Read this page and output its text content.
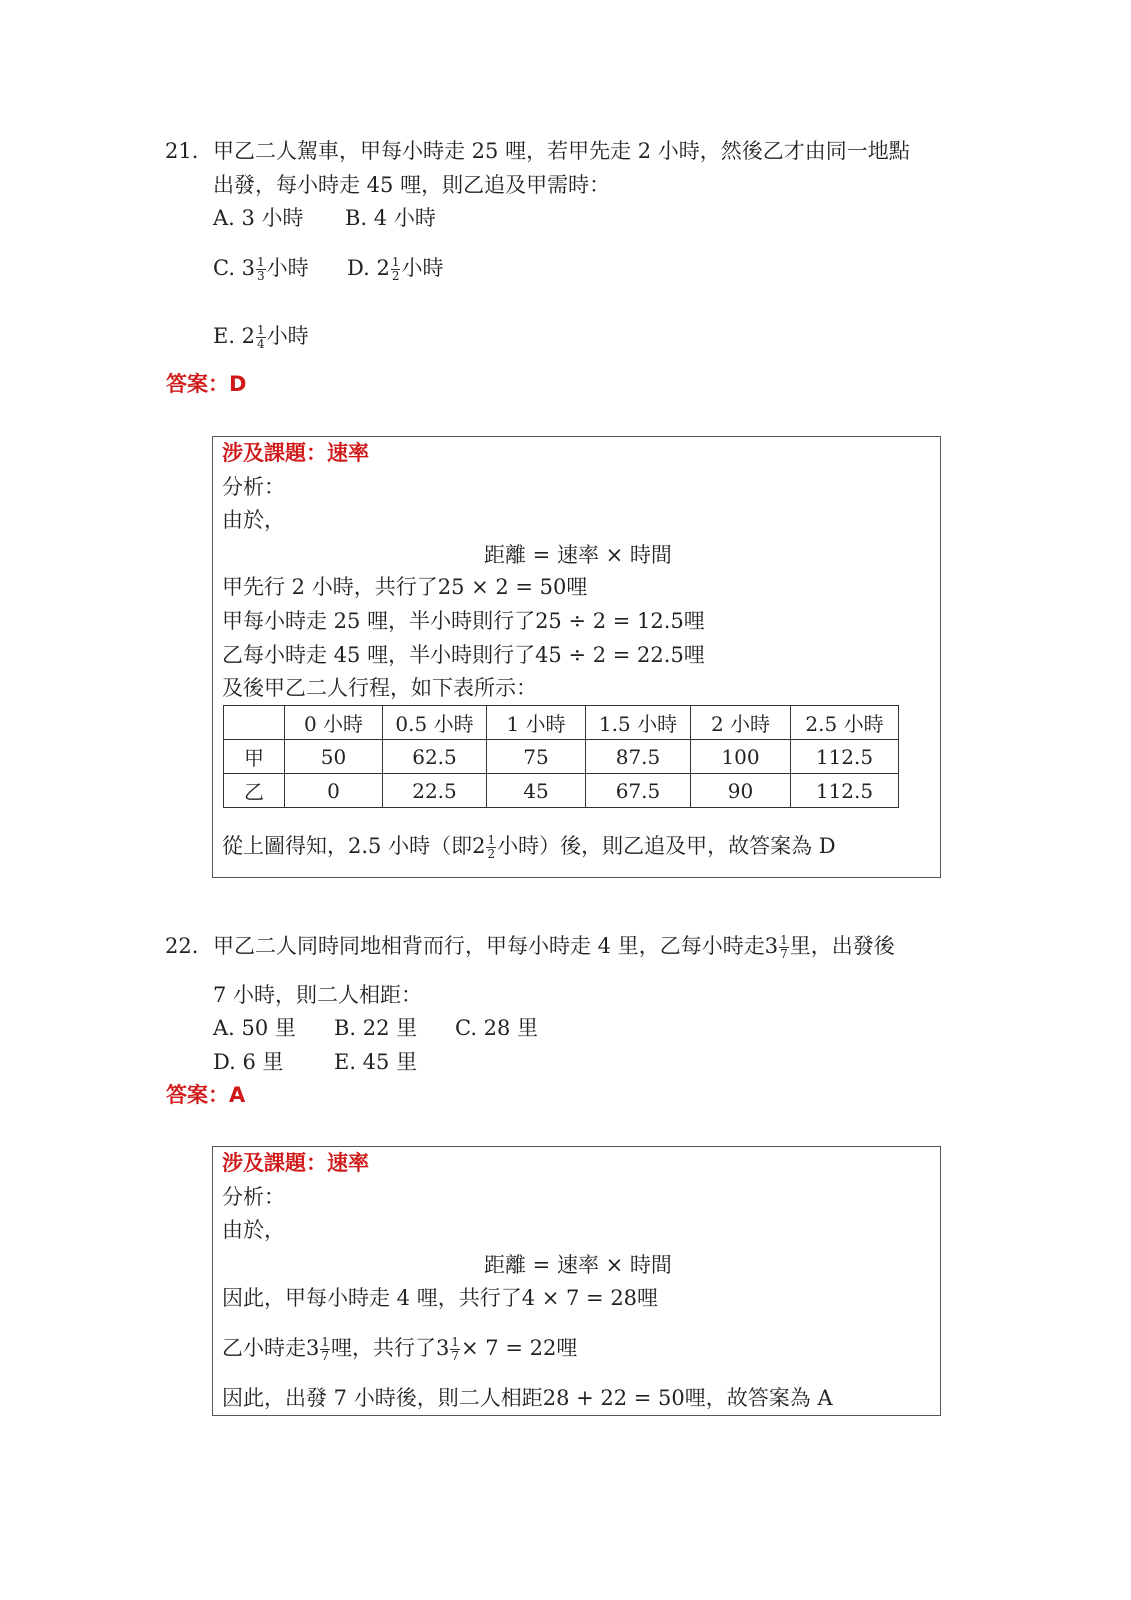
21. 甲乙二人駕車，甲每小時走 25 哩，若甲先走 2 小時，然後乙才由同一地點
出發，每小時走 45 哩，則乙追及甲需時：
A. 3 小時 B. 4 小時
C. $3 \frac{1}{3}$ 小時 D. $2 \frac{1}{2}$ 小時
E. $2 \frac{1}{4}$ 小時
答案：D
涉及課題：速率
分析：
由於，
距離 = 速率 × 時間
甲先行 2 小時，共行了25 × 2 = 50哩
甲每小時走 25 哩，半小時則行了25 ÷ 2 = 12.5哩
乙每小時走 45 哩，半小時則行了45 ÷ 2 = 22.5哩
及後甲乙二人行程，如下表所示：
	0 小時	0.5 小時	1 小時	1.5 小時	2 小時	2.5 小時
甲	50	62.5	75	87.5	100	112.5
乙	0	22.5	45	67.5	90	112.5
從上圖得知，2.5 小時（即$2 \frac{1}{2}$ 小時）後，則乙追及甲，故答案為 D
22. 甲乙二人同時同地相背而行，甲每小時走 4 里，乙每小時走$3 \frac{1}{7}$ 里，出發後
7 小時，則二人相距：
A. 50 里 B. 22 里 C. 28 里
D. 6 里 E. 45 里
答案：A
涉及課題：速率
分析：
由於，
距離 = 速率 × 時間
因此，甲每小時走 4 哩，共行了4 × 7 = 28哩
乙小時走$3 \frac{1}{7}$ 哩，共行了$3 \frac{1}{7} \times 7 = 22$哩
因此，出發 7 小時後，則二人相距28 + 22 = 50哩，故答案為 A
